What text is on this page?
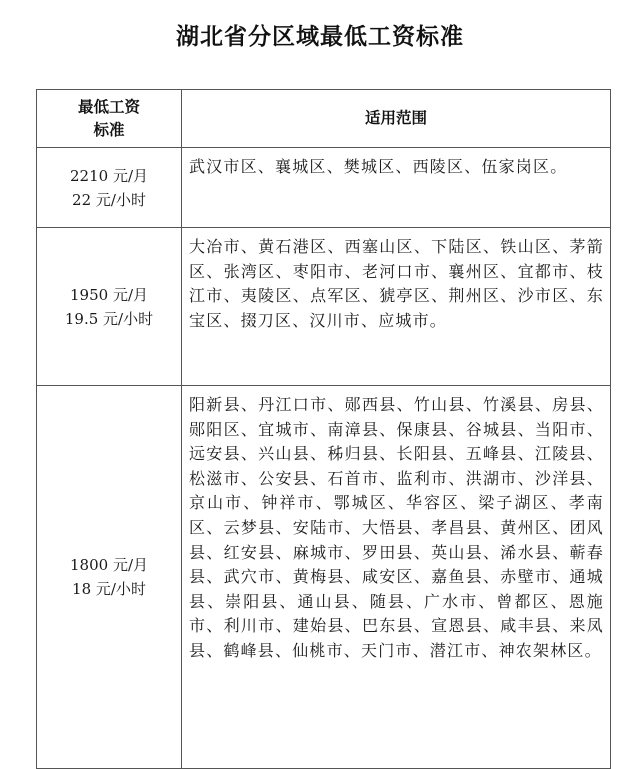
湖北省分区域最低工资标准
最低工资
标准	适用范围

2210 元/月
22 元/小时	武汉市区、襄城区、樊城区、西陵区、伍家岗区。

1950 元/月
19.5 元/小时	大冶市、黄石港区、西塞山区、下陆区、铁山区、茅箭区、张湾区、枣阳市、老河口市、襄州区、宜都市、枝江市、夷陵区、点军区、猇亭区、荆州区、沙市区、东宝区、掇刀区、汉川市、应城市。

1800 元/月
18 元/小时	阳新县、丹江口市、郧西县、竹山县、竹溪县、房县、郧阳区、宜城市、南漳县、保康县、谷城县、当阳市、远安县、兴山县、秭归县、长阳县、五峰县、江陵县、松滋市、公安县、石首市、监利市、洪湖市、沙洋县、京山市、钟祥市、鄂城区、华容区、梁子湖区、孝南区、云梦县、安陆市、大悟县、孝昌县、黄州区、团风县、红安县、麻城市、罗田县、英山县、浠水县、蕲春县、武穴市、黄梅县、咸安区、嘉鱼县、赤壁市、通城县、崇阳县、通山县、随县、广水市、曾都区、恩施市、利川市、建始县、巴东县、宣恩县、咸丰县、来凤县、鹤峰县、仙桃市、天门市、潜江市、神农架林区。
